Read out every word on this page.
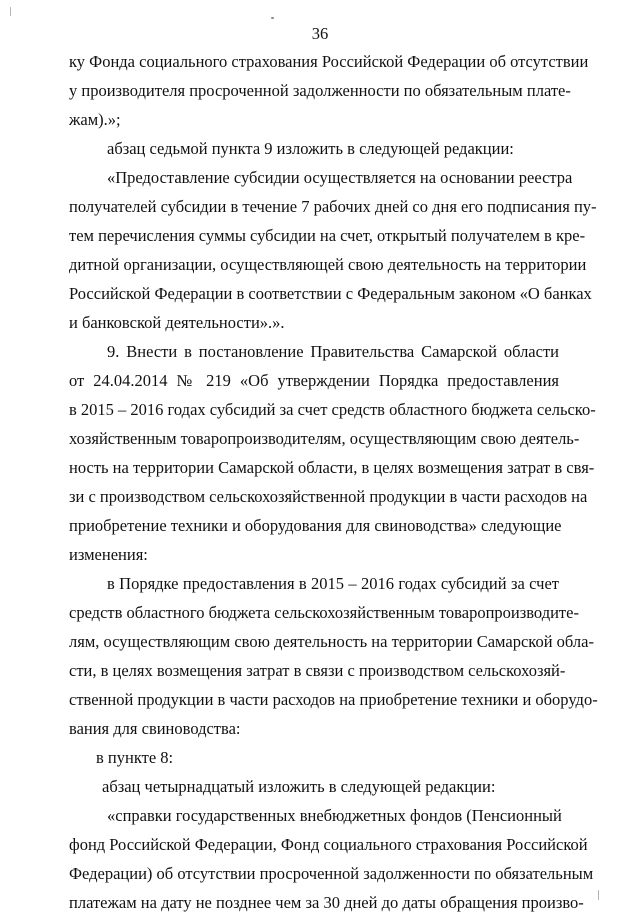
36
ку Фонда социального страхования Российской Федерации об отсутствии
у производителя просроченной задолженности по обязательным плате-
жам).»;
абзац седьмой пункта 9 изложить в следующей редакции:
«Предоставление субсидии осуществляется на основании реестра
получателей субсидии в течение 7 рабочих дней со дня его подписания пу-
тем перечисления суммы субсидии на счет, открытый получателем в кре-
дитной организации, осуществляющей свою деятельность на территории
Российской Федерации в соответствии с Федеральным законом «О банках
и банковской деятельности».».
9. Внести в постановление Правительства Самарской области
от 24.04.2014 № 219 «Об утверждении Порядка предоставления
в 2015 – 2016 годах субсидий за счет средств областного бюджета сельско-
хозяйственным товаропроизводителям, осуществляющим свою деятель-
ность на территории Самарской области, в целях возмещения затрат в свя-
зи с производством сельскохозяйственной продукции в части расходов на
приобретение техники и оборудования для свиноводства» следующие
изменения:
в Порядке предоставления в 2015 – 2016 годах субсидий за счет
средств областного бюджета сельскохозяйственным товаропроизводите-
лям, осуществляющим свою деятельность на территории Самарской обла-
сти, в целях возмещения затрат в связи с производством сельскохозяй-
ственной продукции в части расходов на приобретение техники и оборудо-
вания для свиноводства:
в пункте 8:
абзац четырнадцатый изложить в следующей редакции:
«справки государственных внебюджетных фондов (Пенсионный
фонд Российской Федерации, Фонд социального страхования Российской
Федерации) об отсутствии просроченной задолженности по обязательным
платежам на дату не позднее чем за 30 дней до даты обращения произво-
